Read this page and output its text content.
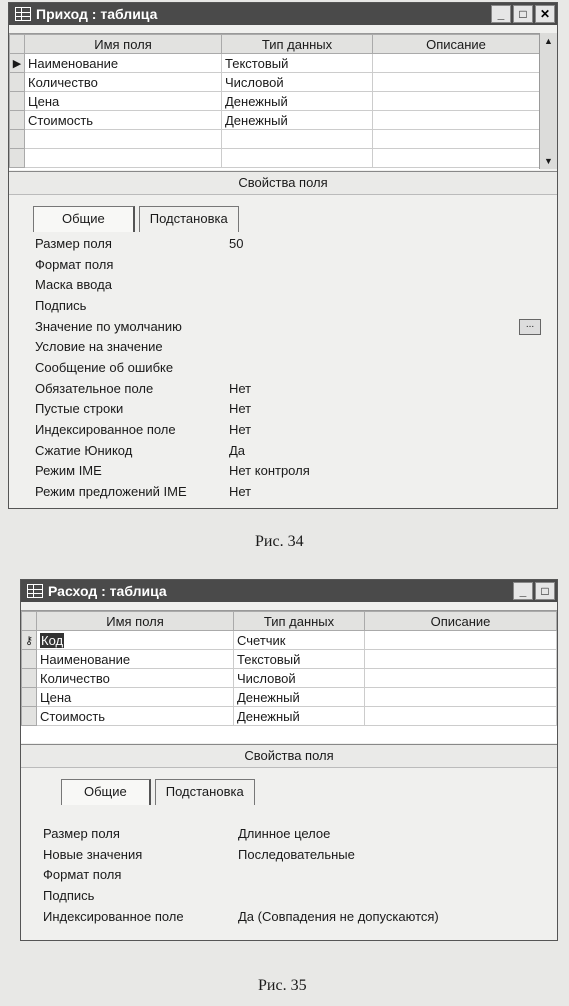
Приход : таблица	_	□	✕
	Имя поля	Тип данных	Описание
▶	Наименование	Текстовый	
	Количество	Числовой	
	Цена	Денежный	
	Стоимость	Денежный	

▲
▼
Свойства поля
Общие	Подстановка
Размер поля	50
Формат поля
Маска ввода
Подпись
Значение по умолчанию
Условие на значение
Сообщение об ошибке
Обязательное поле	Нет
Пустые строки	Нет
Индексированное поле	Нет
Сжатие Юникод	Да
Режим IME	Нет контроля
Режим предложений IME	Нет
...
Рис. 34
Расход : таблица	_	□
	Имя поля	Тип данных	Описание
⚷	Код	Счетчик	
	Наименование	Текстовый	
	Количество	Числовой	
	Цена	Денежный	
	Стоимость	Денежный	
Свойства поля
Общие	Подстановка
Размер поля	Длинное целое
Новые значения	Последовательные
Формат поля
Подпись
Индексированное поле	Да (Совпадения не допускаются)
Рис. 35
